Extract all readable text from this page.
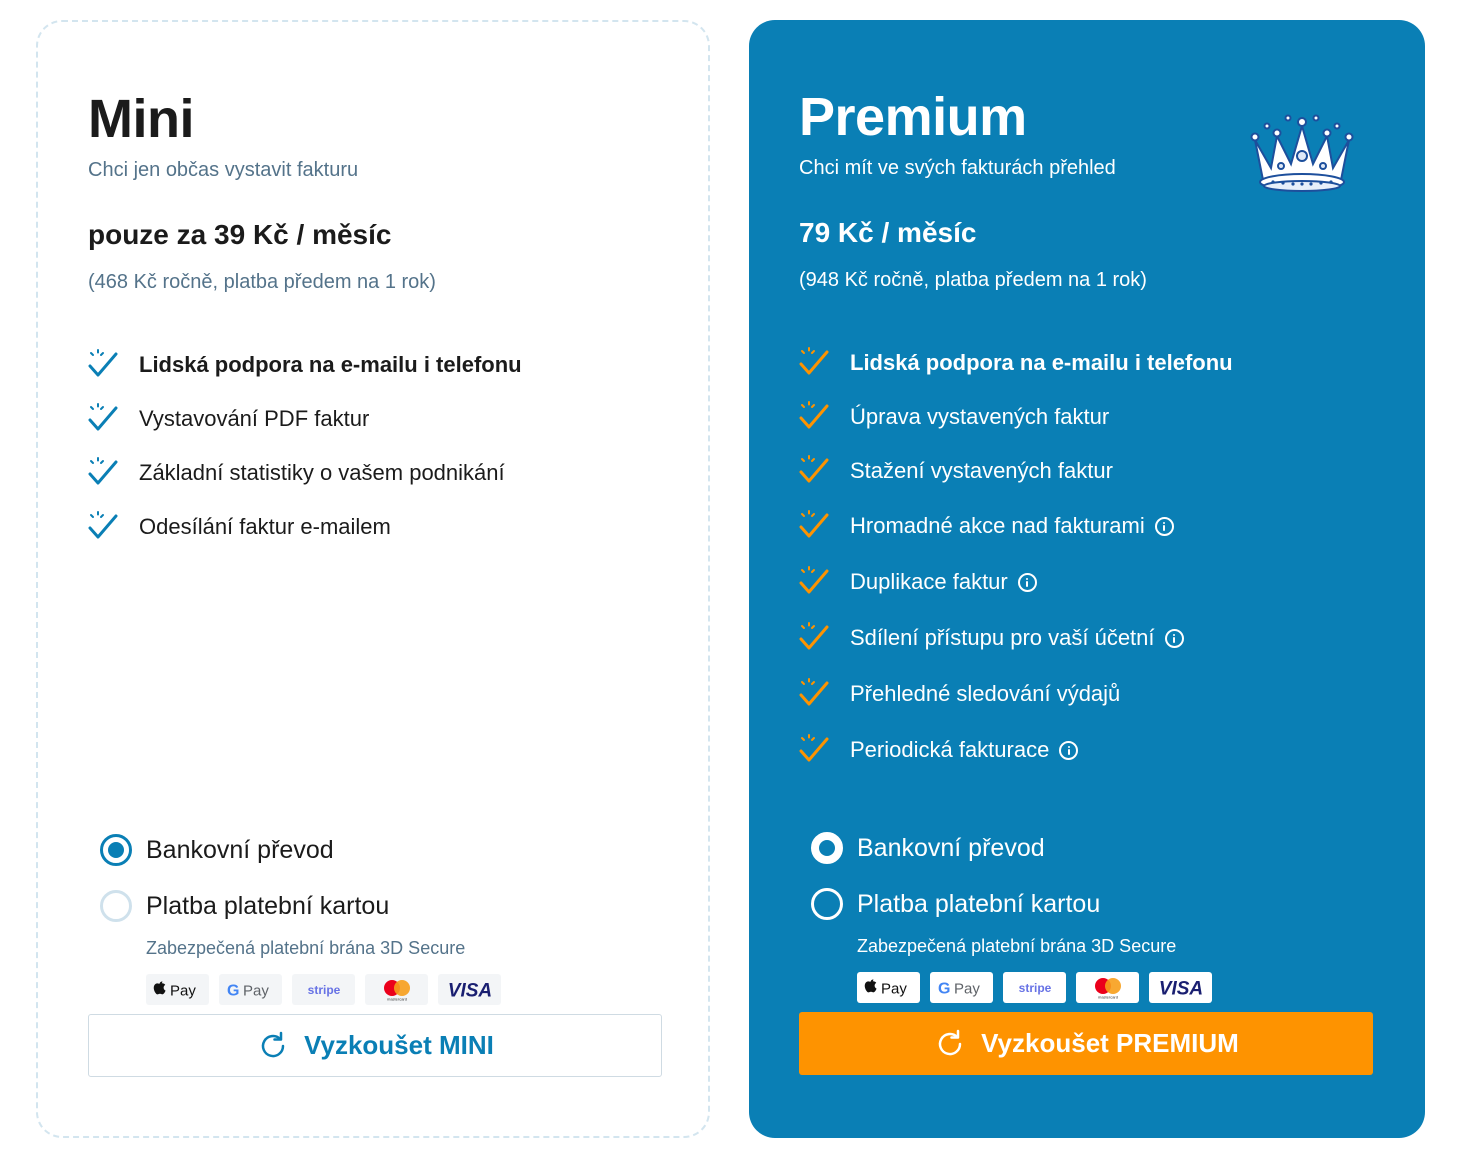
Mini
Chci jen občas vystavit fakturu
pouze za 39 Kč / měsíc
(468 Kč ročně, platba předem na 1 rok)
Lidská podpora na e-mailu i telefonu
Vystavování PDF faktur
Základní statistiky o vašem podnikání
Odesílání faktur e-mailem
Bankovní převod
Platba platební kartou
Zabezpečená platební brána 3D Secure
Pay G Pay	stripe
mastercard VISA
Vyzkoušet MINI
Premium
Chci mít ve svých fakturách přehled
79 Kč / měsíc
(948 Kč ročně, platba předem na 1 rok)
Lidská podpora na e-mailu i telefonu
Úprava vystavených faktur
Stažení vystavených faktur
Hromadné akce nad fakturami
Duplikace faktur
Sdílení přístupu pro vaší účetní
Přehledné sledování výdajů
Periodická fakturace
Bankovní převod
Platba platební kartou
Zabezpečená platební brána 3D Secure
Pay G Pay	stripe
mastercard VISA
Vyzkoušet PREMIUM
